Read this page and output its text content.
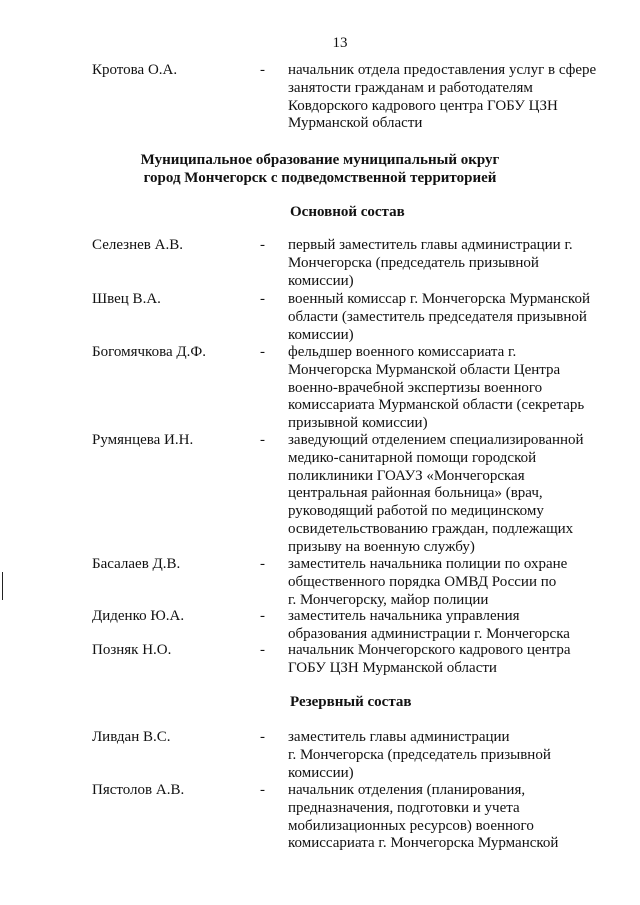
13
Кротова О.А.	- начальник отдела предоставления услуг в сфере
занятости гражданам и работодателям
Ковдорского кадрового центра ГОБУ ЦЗН
Мурманской области
Муниципальное образование муниципальный округ
город Мончегорск с подведомственной территорией
Основной состав
Селезнев А.В.	- первый заместитель главы администрации г.
Мончегорска (председатель призывной
комиссии)
Швец В.А.	- военный комиссар г. Мончегорска Мурманской
области (заместитель председателя призывной
комиссии)
Богомячкова Д.Ф.	- фельдшер военного комиссариата г.
Мончегорска Мурманской области Центра
военно-врачебной экспертизы военного
комиссариата Мурманской области (секретарь
призывной комиссии)
Румянцева И.Н.	- заведующий отделением специализированной
медико-санитарной помощи городской
поликлиники ГОАУЗ «Мончегорская
центральная районная больница» (врач,
руководящий работой по медицинскому
освидетельствованию граждан, подлежащих
призыву на военную службу)
Басалаев Д.В.	- заместитель начальника полиции по охране
общественного порядка ОМВД России по
г. Мончегорску, майор полиции
Диденко Ю.А.	- заместитель начальника управления
образования администрации г. Мончегорска
Позняк Н.О.	- начальник Мончегорского кадрового центра
ГОБУ ЦЗН Мурманской области
Резервный состав
Ливдан В.С.	- заместитель главы администрации
г. Мончегорска (председатель призывной
комиссии)
Пястолов А.В.	- начальник отделения (планирования,
предназначения, подготовки и учета
мобилизационных ресурсов) военного
комиссариата г. Мончегорска Мурманской
